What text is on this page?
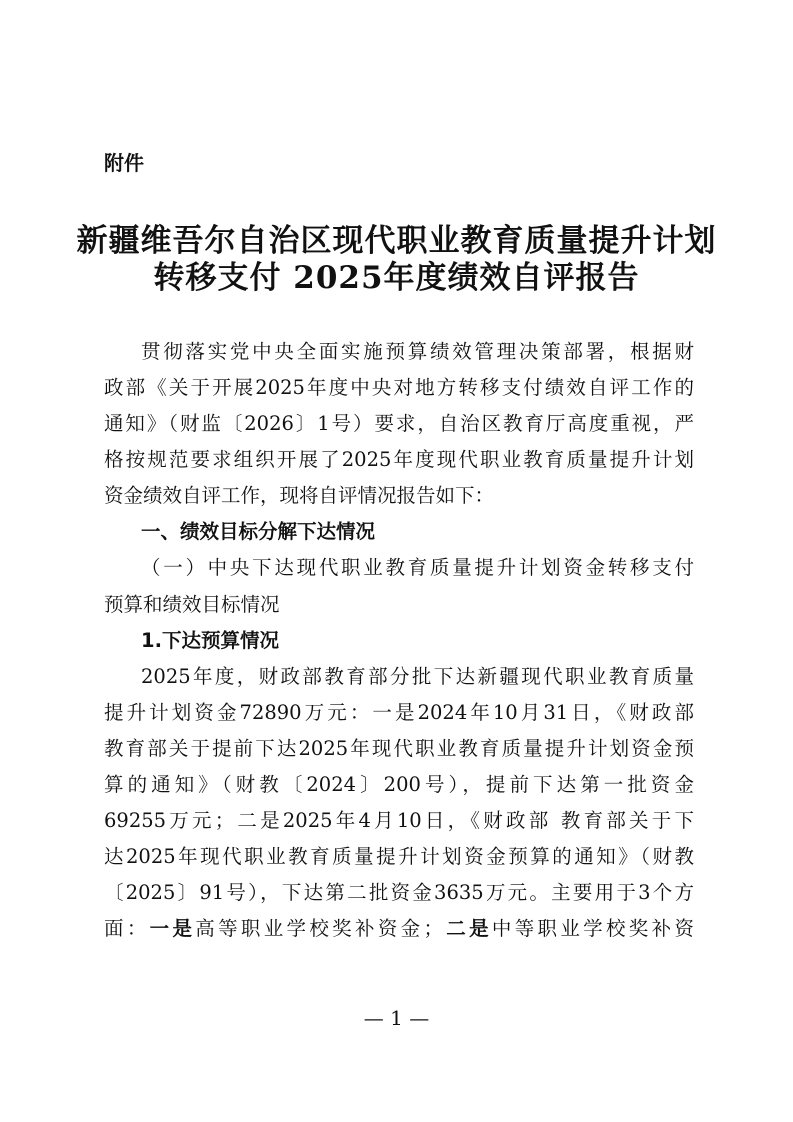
附件
新疆维吾尔自治区现代职业教育质量提升计划
转移支付 2025年度绩效自评报告
贯彻落实党中央全面实施预算绩效管理决策部署，根据财
政部《关于开展2025年度中央对地方转移支付绩效自评工作的
通知》（财监〔2026〕1号）要求，自治区教育厅高度重视，严
格按规范要求组织开展了2025年度现代职业教育质量提升计划
资金绩效自评工作，现将自评情况报告如下：
一、绩效目标分解下达情况
（一）中央下达现代职业教育质量提升计划资金转移支付
预算和绩效目标情况
1.下达预算情况
2025年度，财政部教育部分批下达新疆现代职业教育质量
提升计划资金72890万元：一是2024年10月31日，《财政部
教育部关于提前下达2025年现代职业教育质量提升计划资金预
算的通知》（财教〔2024〕200号），提前下达第一批资金
69255万元；二是2025年4月10日，《财政部 教育部关于下
达2025年现代职业教育质量提升计划资金预算的通知》（财教
〔2025〕91号），下达第二批资金3635万元。主要用于3个方
面：一是高等职业学校奖补资金；二是中等职业学校奖补资
— 1 —
